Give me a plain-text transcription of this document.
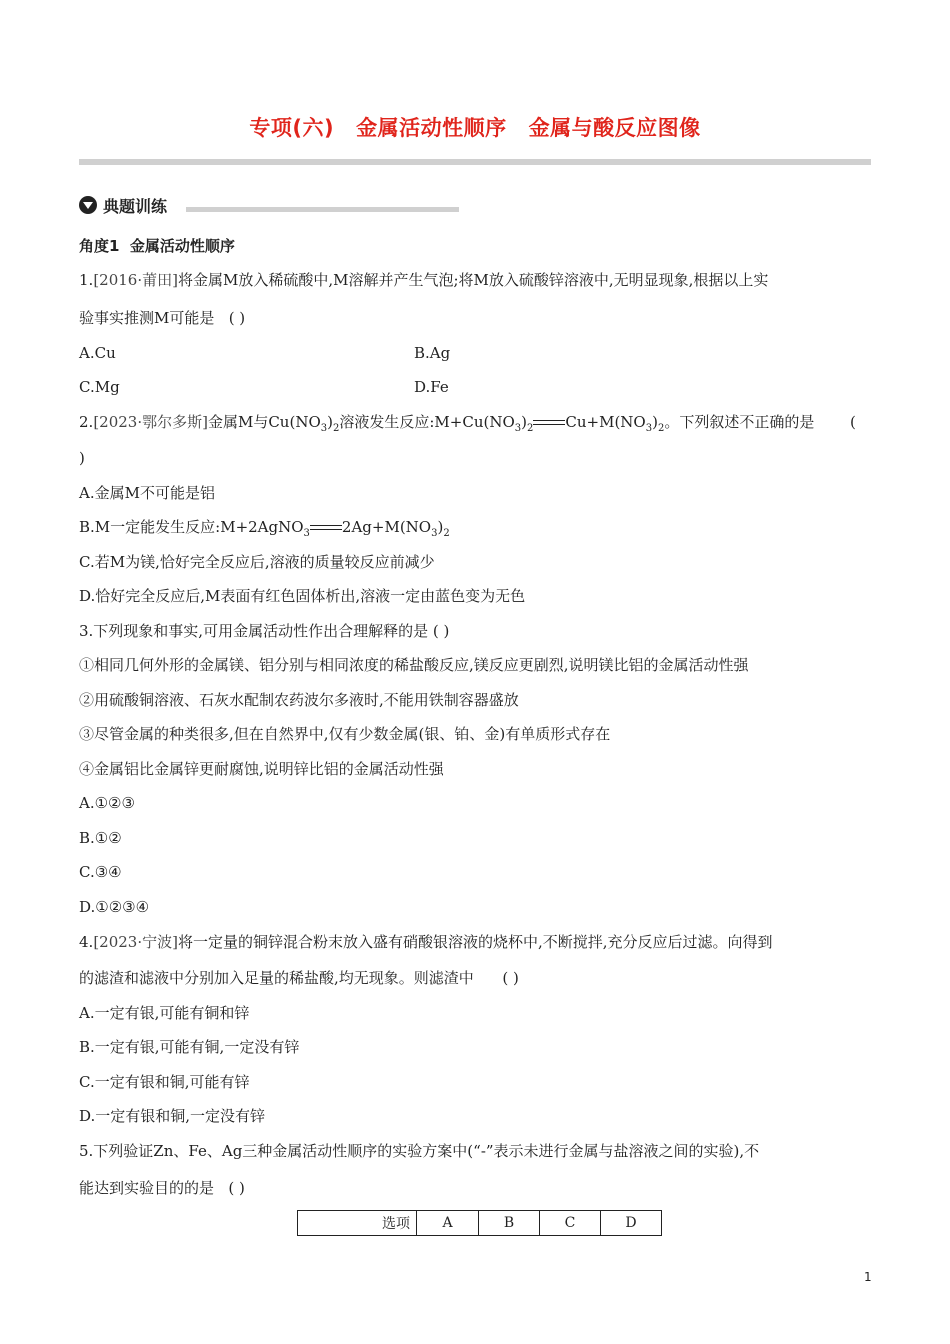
专项(六) 金属活动性顺序 金属与酸反应图像
典题训练
角度1 金属活动性顺序
1.[2016·莆田]将金属M放入稀硫酸中,M溶解并产生气泡;将M放入硫酸锌溶液中,无明显现象,根据以上实
验事实推测M可能是 ( )
A.Cu	B.Ag
C.Mg	D.Fe
2.[2023·鄂尔多斯]金属M与$Cu(NO_3)_2$溶液发生反应$:M+Cu(NO_3)_2$ $Cu+M(NO_3)_2$。下列叙述不正确的是 (
)
A.金属M不可能是铝
B.M一定能发生反应:M+2AgNO$_3$ $2Ag+M(NO_3)_2$
C.若M为镁,恰好完全反应后,溶液的质量较反应前减少
D.恰好完全反应后,M表面有红色固体析出,溶液一定由蓝色变为无色
3.下列现象和事实,可用金属活动性作出合理解释的是 ( )
①相同几何外形的金属镁、铝分别与相同浓度的稀盐酸反应,镁反应更剧烈,说明镁比铝的金属活动性强
②用硫酸铜溶液、石灰水配制农药波尔多液时,不能用铁制容器盛放
③尽管金属的种类很多,但在自然界中,仅有少数金属(银、铂、金)有单质形式存在
④金属铝比金属锌更耐腐蚀,说明锌比铝的金属活动性强
A.①②③
B.①②
C.③④
D.①②③④
4.[2023·宁波]将一定量的铜锌混合粉末放入盛有硝酸银溶液的烧杯中,不断搅拌,充分反应后过滤。向得到
的滤渣和滤液中分别加入足量的稀盐酸,均无现象。则滤渣中 ( )
A.一定有银,可能有铜和锌
B.一定有银,可能有铜,一定没有锌
C.一定有银和铜,可能有锌
D.一定有银和铜,一定没有锌
5.下列验证Zn、Fe、Ag三种金属活动性顺序的实验方案中(“-”表示未进行金属与盐溶液之间的实验),不
能达到实验目的的是 ( )
选项	A	B	C	D
1
